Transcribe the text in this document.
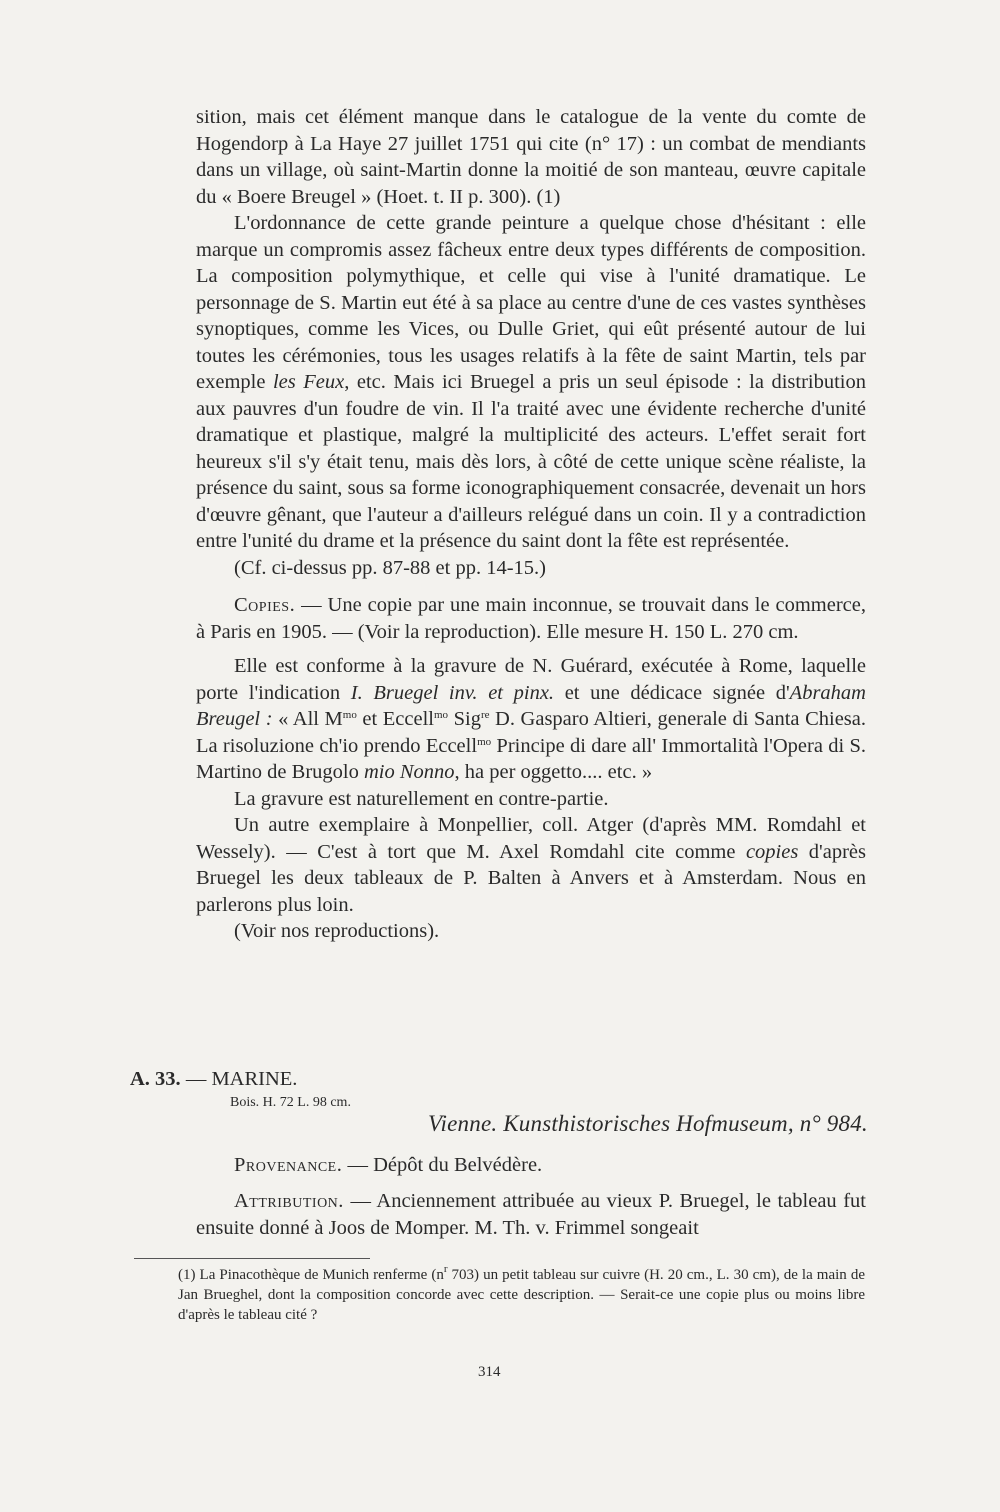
sition, mais cet élément manque dans le catalogue de la vente du comte de Hogendorp à La Haye 27 juillet 1751 qui cite (n° 17) : un combat de mendiants dans un village, où saint-Martin donne la moitié de son manteau, œuvre capitale du « Boere Breugel » (Hoet. t. II p. 300). (1)

L'ordonnance de cette grande peinture a quelque chose d'hésitant : elle marque un compromis assez fâcheux entre deux types différents de composition. La composition polymythique, et celle qui vise à l'unité dramatique. Le personnage de S. Martin eut été à sa place au centre d'une de ces vastes synthèses synoptiques, comme les Vices, ou Dulle Griet, qui eût présenté autour de lui toutes les cérémonies, tous les usages relatifs à la fête de saint Martin, tels par exemple les Feux, etc. Mais ici Bruegel a pris un seul épisode : la distribution aux pauvres d'un foudre de vin. Il l'a traité avec une évidente recherche d'unité dramatique et plastique, malgré la multiplicité des acteurs. L'effet serait fort heureux s'il s'y était tenu, mais dès lors, à côté de cette unique scène réaliste, la présence du saint, sous sa forme iconographiquement consacrée, devenait un hors d'œuvre gênant, que l'auteur a d'ailleurs relégué dans un coin. Il y a contradiction entre l'unité du drame et la présence du saint dont la fête est représentée.

(Cf. ci-dessus pp. 87-88 et pp. 14-15.)

Copies. — Une copie par une main inconnue, se trouvait dans le commerce, à Paris en 1905. — (Voir la reproduction). Elle mesure H. 150 L. 270 cm.

Elle est conforme à la gravure de N. Guérard, exécutée à Rome, laquelle porte l'indication I. Bruegel inv. et pinx. et une dédicace signée d'Abraham Breugel : « All $M^{mo}$ et Eccell$^{mo}$ Sig$^{re}$ D. Gasparo Altieri, generale di Santa Chiesa. La risoluzione ch'io prendo Eccell$^{mo}$ Principe di dare all' Immortalità l'Opera di S. Martino de Brugolo mio Nonno, ha per oggetto.... etc. »

La gravure est naturellement en contre-partie.

Un autre exemplaire à Monpellier, coll. Atger (d'après MM. Romdahl et Wessely). — C'est à tort que M. Axel Romdahl cite comme copies d'après Bruegel les deux tableaux de P. Balten à Anvers et à Amsterdam. Nous en parlerons plus loin.

(Voir nos reproductions).

A. 33. — MARINE.
Bois. H. 72 L. 98 cm.
Vienne. Kunsthistorisches Hofmuseum, n° 984.

Provenance. — Dépôt du Belvédère.

Attribution. — Anciennement attribuée au vieux P. Bruegel, le tableau fut ensuite donné à Joos de Momper. M. Th. v. Frimmel songeait

(1) La Pinacothèque de Munich renferme ($n^r$ 703) un petit tableau sur cuivre (H. 20 cm., L. 30 cm), de la main de Jan Brueghel, dont la composition concorde avec cette description. — Serait-ce une copie plus ou moins libre d'après le tableau cité ?
314
